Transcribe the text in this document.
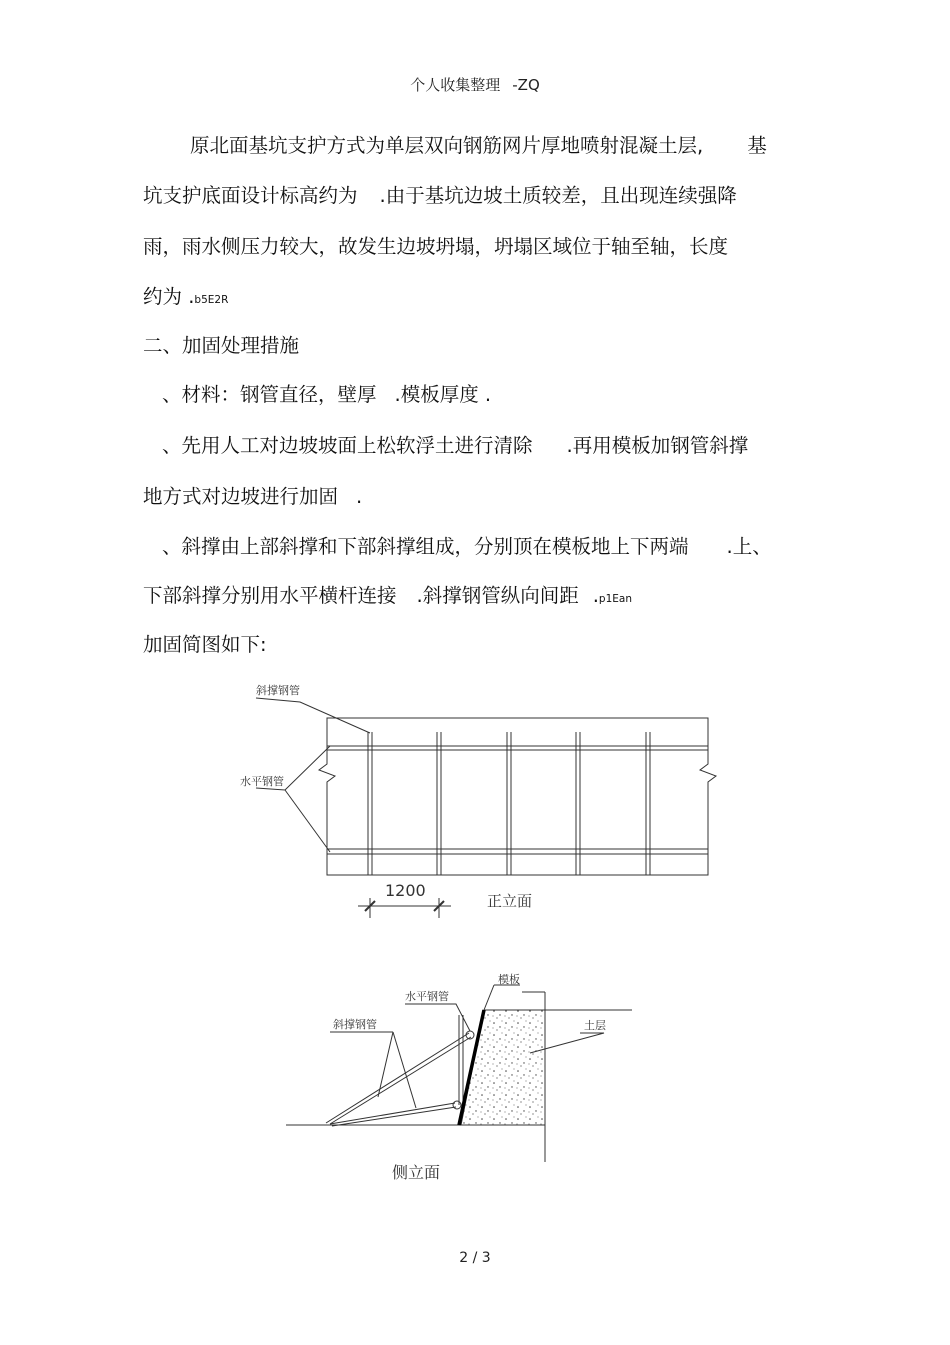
个人收集整理 -ZQ
原北面基坑支护方式为单层双向钢筋网片厚地喷射混凝土层, 基
坑支护底面设计标高约为 .由于基坑边坡土质较差，且出现连续强降
雨，雨水侧压力较大，故发生边坡坍塌，坍塌区域位于轴至轴，长度
约为 .b5E2R
二、加固处理措施
、材料：钢管直径，壁厚 .模板厚度 .
、先用人工对边坡坡面上松软浮土进行清除 .再用模板加钢管斜撑
地方式对边坡进行加固 .
、斜撑由上部斜撑和下部斜撑组成，分别顶在模板地上下两端 .上、
下部斜撑分别用水平横杆连接 .斜撑钢管纵向间距 .p1Ean
加固简图如下:
斜撑钢管
水平钢管
1200
正立面
模板
水平钢管
土层
斜撑钢管
侧立面
2 / 3
